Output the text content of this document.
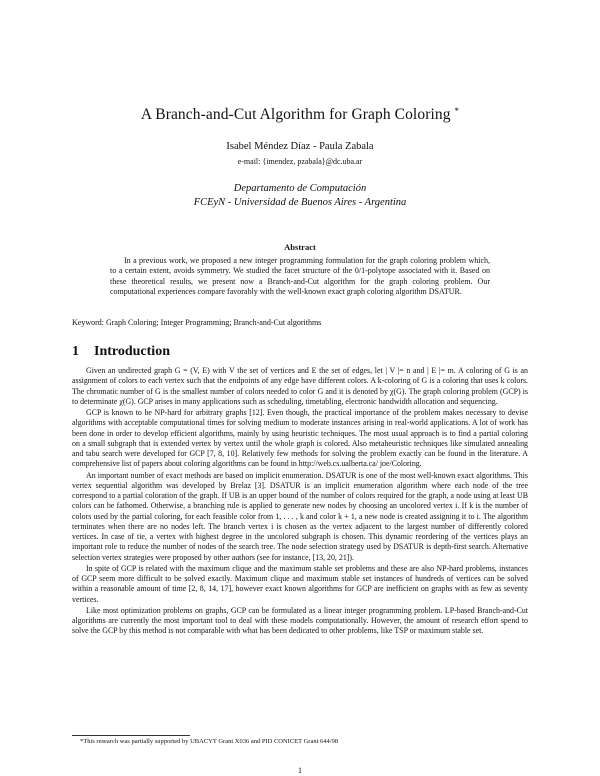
A Branch-and-Cut Algorithm for Graph Coloring *
Isabel Méndez Díaz - Paula Zabala
e-mail: {imendez, pzabala}@dc.uba.ar
Departamento de Computación
FCEyN - Universidad de Buenos Aires - Argentina
Abstract

In a previous work, we proposed a new integer programming formulation for the graph coloring problem which, to a certain extent, avoids symmetry. We studied the facet structure of the 0/1-polytope associated with it. Based on these theoretical results, we present now a Branch-and-Cut algorithm for the graph coloring problem. Our computational experiences compare favorably with the well-known exact graph coloring algorithm DSATUR.

Keyword: Graph Coloring; Integer Programming; Branch-and-Cut algorithms
1 Introduction

Given an undirected graph G = (V, E) with V the set of vertices and E the set of edges, let | V |= n and | E |= m. A coloring of G is an assignment of colors to each vertex such that the endpoints of any edge have different colors. A k-coloring of G is a coloring that uses k colors. The chromatic number of G is the smallest number of colors needed to color G and it is denoted by χ(G). The graph coloring problem (GCP) is to determinate χ(G). GCP arises in many applications such as scheduling, timetabling, electronic bandwidth allocation and sequencing.

GCP is known to be NP-hard for arbitrary graphs [12]. Even though, the practical importance of the problem makes necessary to devise algorithms with acceptable computational times for solving medium to moderate instances arising in real-world applications. A lot of work has been done in order to develop efficient algorithms, mainly by using heuristic techniques. The most usual approach is to find a partial coloring on a small subgraph that is extended vertex by vertex until the whole graph is colored. Also metaheuristic techniques like simulated annealing and tabu search were developed for GCP [7, 8, 10]. Relatively few methods for solving the problem exactly can be found in the literature. A comprehensive list of papers about coloring algorithms can be found in http://web.cs.ualberta.ca/ joe/Coloring.

An important number of exact methods are based on implicit enumeration. DSATUR is one of the most well-known exact algorithms. This vertex sequential algorithm was developed by Brelaz [3]. DSATUR is an implicit enumeration algorithm where each node of the tree correspond to a partial coloration of the graph. If UB is an upper bound of the number of colors required for the graph, a node using at least UB colors can be fathomed. Otherwise, a branching rule is applied to generate new nodes by choosing an uncolored vertex i. If k is the number of colors used by the partial coloring, for each feasible color from 1, . . . , k and color k + 1, a new node is created assigning it to i. The algorithm terminates when there are no nodes left. The branch vertex i is chosen as the vertex adjacent to the largest number of differently colored vertices. In case of tie, a vertex with highest degree in the uncolored subgraph is chosen. This dynamic reordering of the vertices plays an important role to reduce the number of nodes of the search tree. The node selection strategy used by DSATUR is depth-first search. Alternative selection vertex strategies were proposed by other authors (see for instance, [13, 20, 21]).

In spite of GCP is related with the maximum clique and the maximum stable set problems and these are also NP-hard problems, instances of GCP seem more difficult to be solved exactly. Maximum clique and maximum stable set instances of hundreds of vertices can be solved within a reasonable amount of time [2, 8, 14, 17], however exact known algorithms for GCP are inefficient on graphs with as few as seventy vertices.

Like most optimization problems on graphs, GCP can be formulated as a linear integer programming problem. LP-based Branch-and-Cut algorithms are currently the most important tool to deal with these models computationally. However, the amount of research effort spend to solve the GCP by this method is not comparable with what has been dedicated to other problems, like TSP or maximum stable set.

*This research was partially supported by UBACYT Grant X036 and PID CONICET Grant 644/98
1
